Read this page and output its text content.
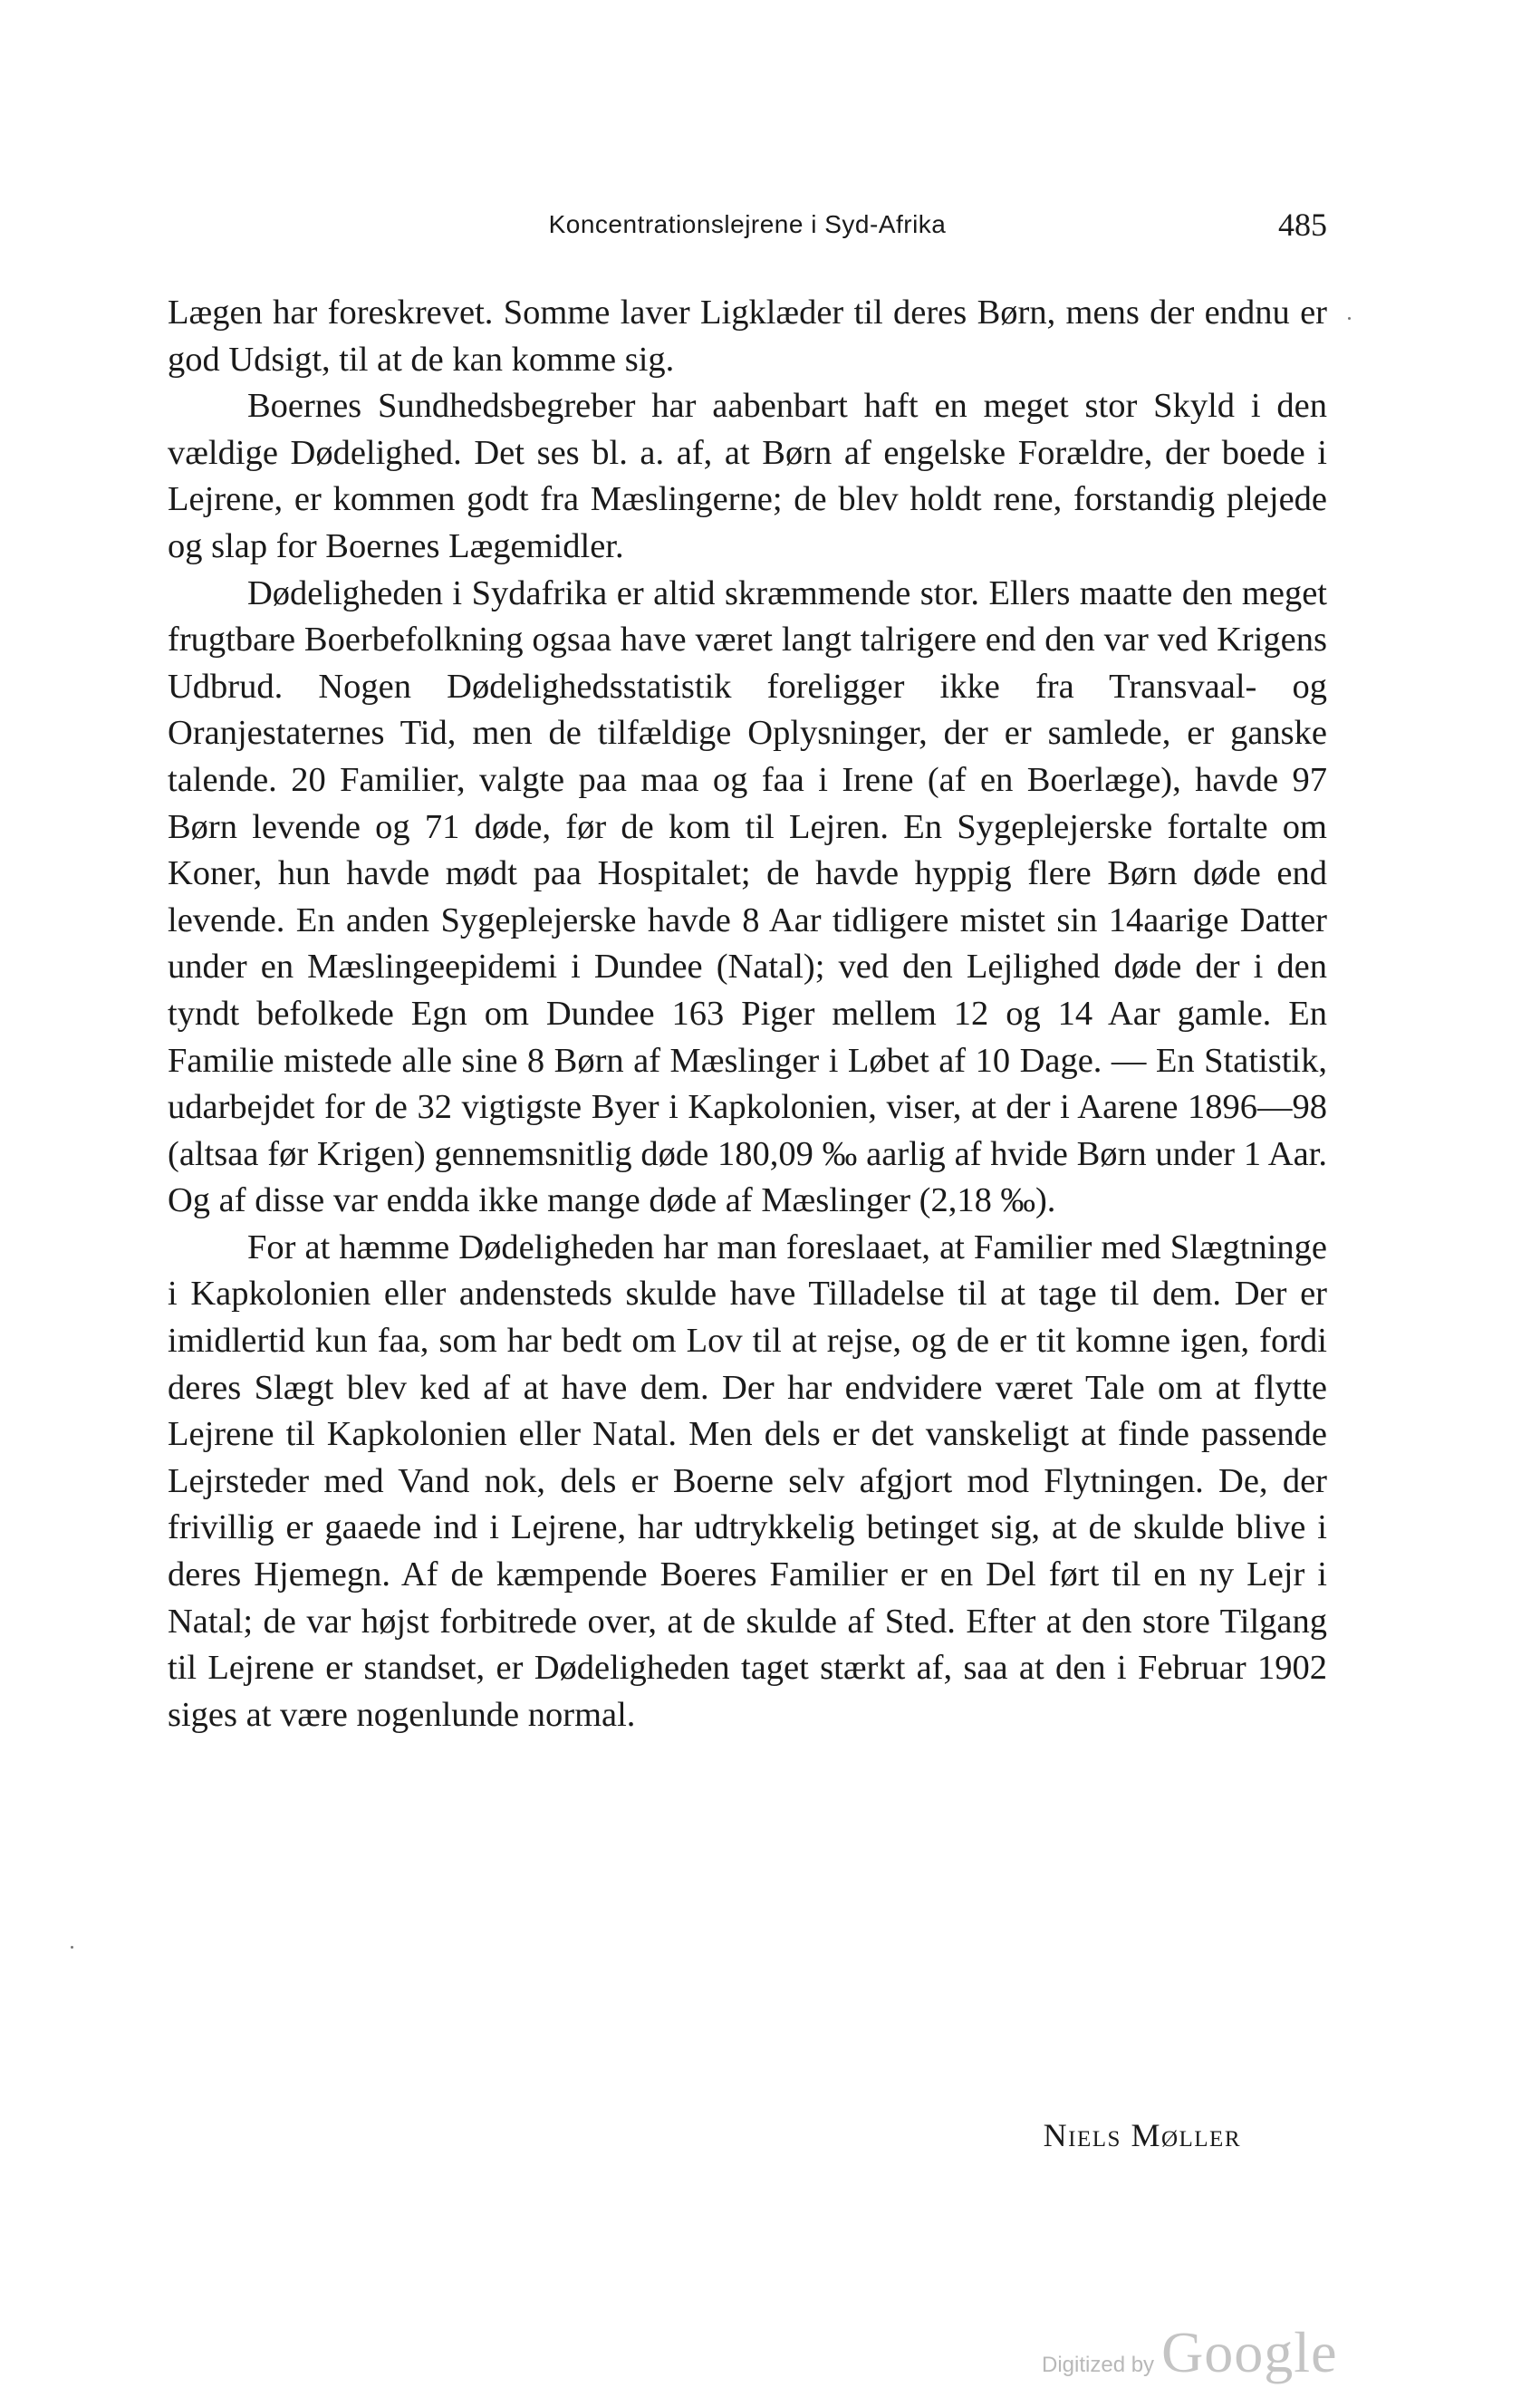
Koncentrationslejrene i Syd-Afrika	485

Lægen har foreskrevet. Somme laver Ligklæder til deres Børn, mens der endnu er god Udsigt, til at de kan komme sig.

Boernes Sundhedsbegreber har aabenbart haft en meget stor Skyld i den vældige Dødelighed. Det ses bl. a. af, at Børn af engelske Forældre, der boede i Lejrene, er kommen godt fra Mæslingerne; de blev holdt rene, forstandig plejede og slap for Boernes Lægemidler.

Dødeligheden i Sydafrika er altid skræmmende stor. Ellers maatte den meget frugtbare Boerbefolkning ogsaa have været langt talrigere end den var ved Krigens Udbrud. Nogen Dødelighedsstatistik foreligger ikke fra Transvaal- og Oranjestaternes Tid, men de tilfældige Oplysninger, der er samlede, er ganske talende. 20 Familier, valgte paa maa og faa i Irene (af en Boerlæge), havde 97 Børn levende og 71 døde, før de kom til Lejren. En Sygeplejerske fortalte om Koner, hun havde mødt paa Hospitalet; de havde hyppig flere Børn døde end levende. En anden Sygeplejerske havde 8 Aar tidligere mistet sin 14aarige Datter under en Mæslingeepidemi i Dundee (Natal); ved den Lejlighed døde der i den tyndt befolkede Egn om Dundee 163 Piger mellem 12 og 14 Aar gamle. En Familie mistede alle sine 8 Børn af Mæslinger i Løbet af 10 Dage. — En Statistik, udarbejdet for de 32 vigtigste Byer i Kapkolonien, viser, at der i Aarene 1896—98 (altsaa før Krigen) gennemsnitlig døde 180,09 ‰ aarlig af hvide Børn under 1 Aar. Og af disse var endda ikke mange døde af Mæslinger (2,18 ‰).

For at hæmme Dødeligheden har man foreslaaet, at Familier med Slægtninge i Kapkolonien eller andensteds skulde have Tilladelse til at tage til dem. Der er imidlertid kun faa, som har bedt om Lov til at rejse, og de er tit komne igen, fordi deres Slægt blev ked af at have dem. Der har endvidere været Tale om at flytte Lejrene til Kapkolonien eller Natal. Men dels er det vanskeligt at finde passende Lejrsteder med Vand nok, dels er Boerne selv afgjort mod Flytningen. De, der frivillig er gaaede ind i Lejrene, har udtrykkelig betinget sig, at de skulde blive i deres Hjemegn. Af de kæmpende Boeres Familier er en Del ført til en ny Lejr i Natal; de var højst forbitrede over, at de skulde af Sted. Efter at den store Tilgang til Lejrene er standset, er Dødeligheden taget stærkt af, saa at den i Februar 1902 siges at være nogenlunde normal.

Niels Møller
Digitized by Google
